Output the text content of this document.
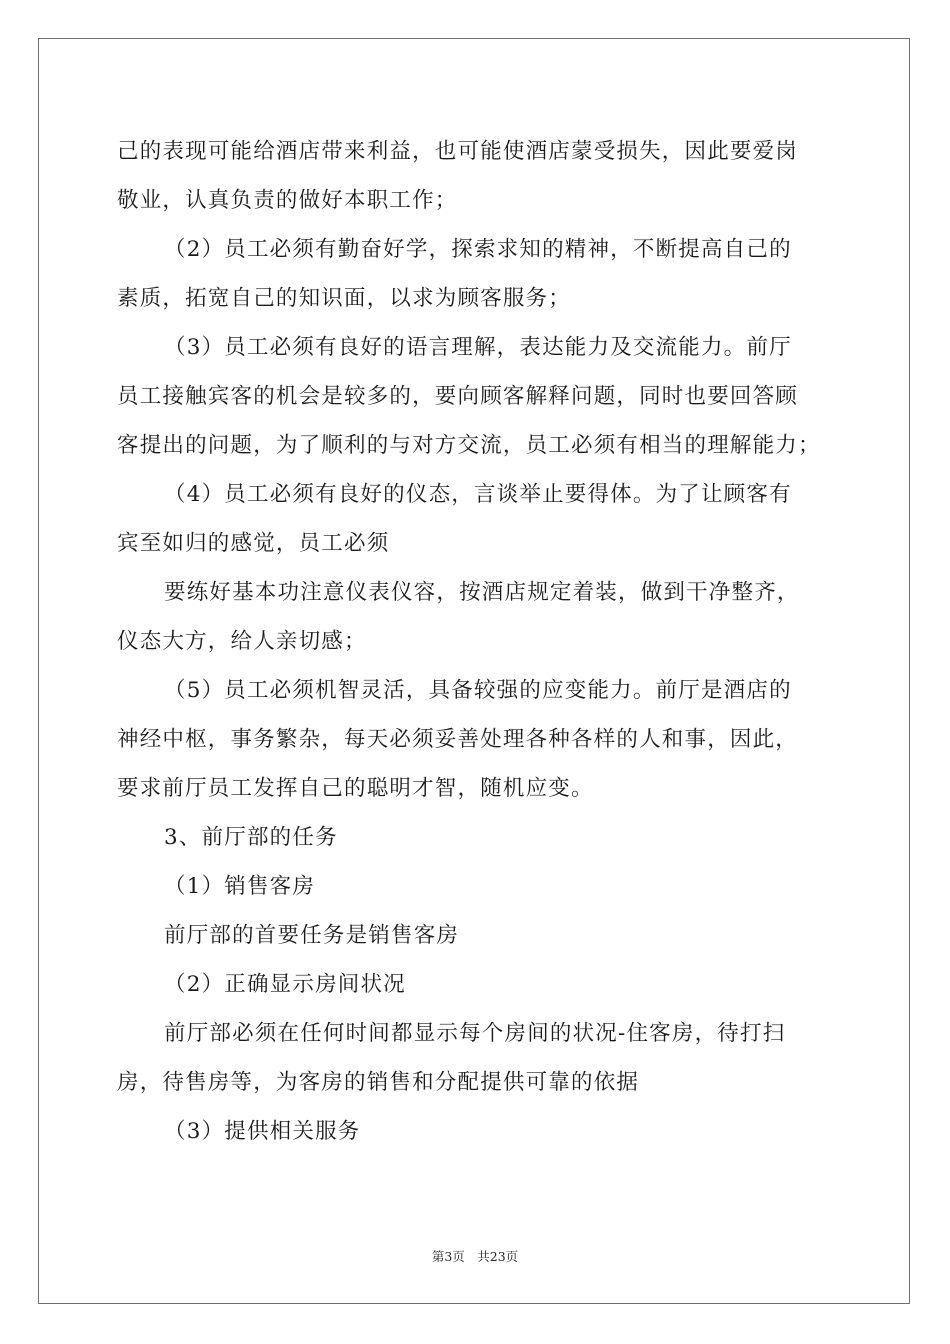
己的表现可能给酒店带来利益，也可能使酒店蒙受损失，因此要爱岗
敬业，认真负责的做好本职工作；
（2）员工必须有勤奋好学，探索求知的精神，不断提高自己的
素质，拓宽自己的知识面，以求为顾客服务；
（3）员工必须有良好的语言理解，表达能力及交流能力。前厅
员工接触宾客的机会是较多的，要向顾客解释问题，同时也要回答顾
客提出的问题，为了顺利的与对方交流，员工必须有相当的理解能力；
（4）员工必须有良好的仪态，言谈举止要得体。为了让顾客有
宾至如归的感觉，员工必须
要练好基本功注意仪表仪容，按酒店规定着装，做到干净整齐，
仪态大方，给人亲切感；
（5）员工必须机智灵活，具备较强的应变能力。前厅是酒店的
神经中枢，事务繁杂，每天必须妥善处理各种各样的人和事，因此，
要求前厅员工发挥自己的聪明才智，随机应变。
3、前厅部的任务
（1）销售客房
前厅部的首要任务是销售客房
（2）正确显示房间状况
前厅部必须在任何时间都显示每个房间的状况-住客房，待打扫
房，待售房等，为客房的销售和分配提供可靠的依据
（3）提供相关服务
第3页　共23页
